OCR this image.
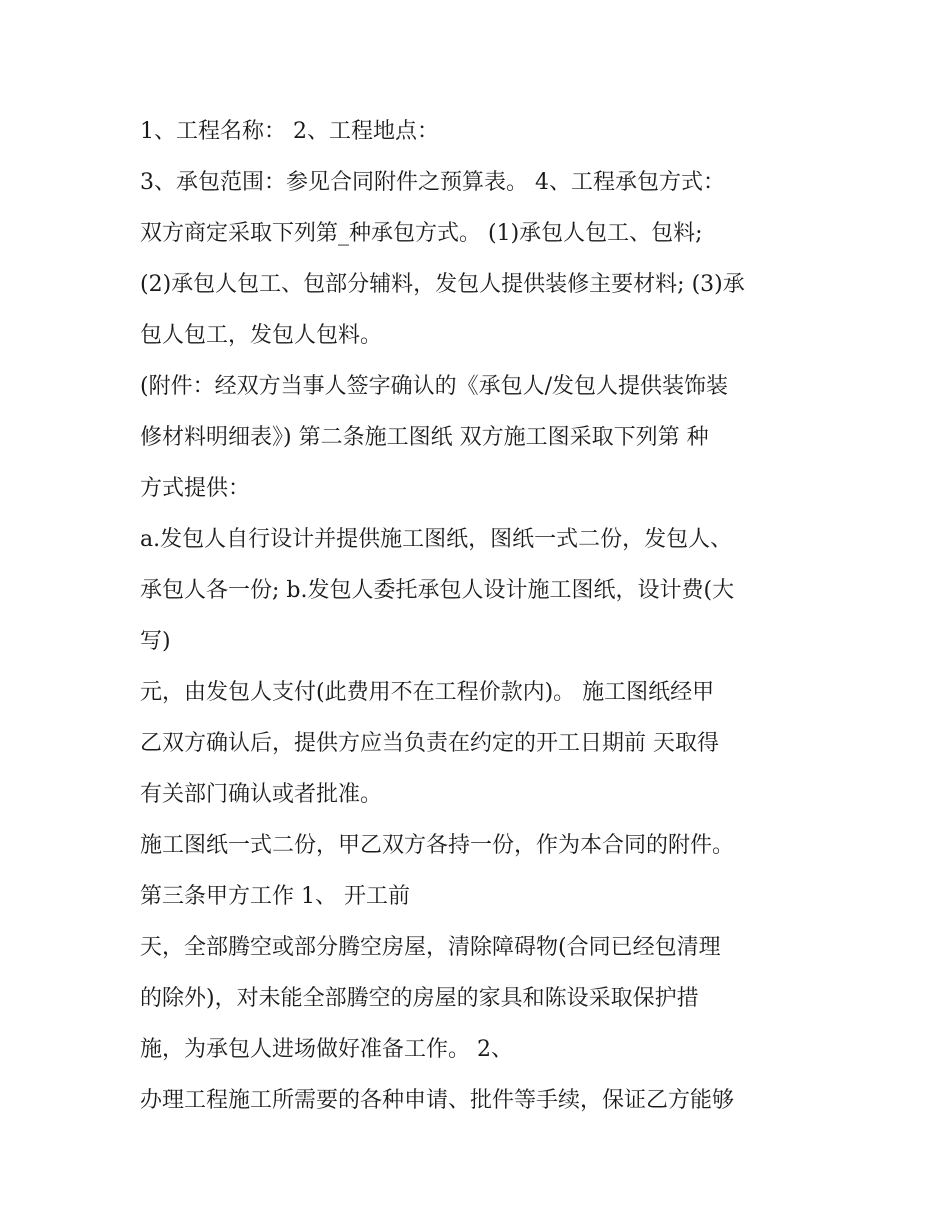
1、工程名称： 2、工程地点：
3、承包范围：参见合同附件之预算表。 4、工程承包方式：
双方商定采取下列第_种承包方式。 (1)承包人包工、包料;
(2)承包人包工、包部分辅料，发包人提供装修主要材料; (3)承
包人包工，发包人包料。
(附件：经双方当事人签字确认的《承包人/发包人提供装饰装
修材料明细表》) 第二条施工图纸 双方施工图采取下列第 种
方式提供：
a.发包人自行设计并提供施工图纸，图纸一式二份，发包人、
承包人各一份; b.发包人委托承包人设计施工图纸，设计费(大
写)
元，由发包人支付(此费用不在工程价款内)。 施工图纸经甲
乙双方确认后，提供方应当负责在约定的开工日期前 天取得
有关部门确认或者批准。
施工图纸一式二份，甲乙双方各持一份，作为本合同的附件。
第三条甲方工作 1、 开工前
天，全部腾空或部分腾空房屋，清除障碍物(合同已经包清理
的除外)，对未能全部腾空的房屋的家具和陈设采取保护措
施，为承包人进场做好准备工作。 2、
办理工程施工所需要的各种申请、批件等手续，保证乙方能够
